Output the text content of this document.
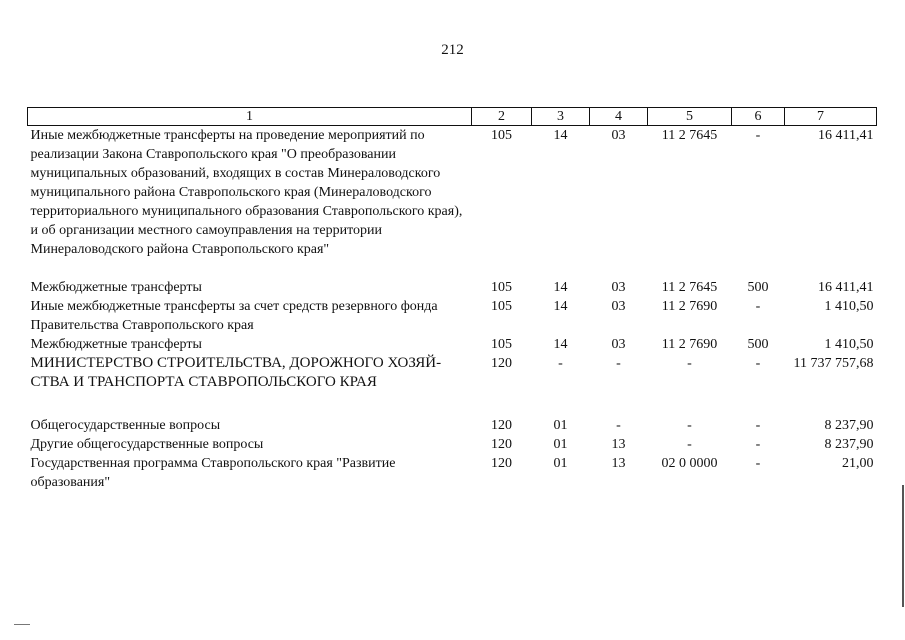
212
1	2	3	4	5	6	7
Иные межбюджетные трансферты на проведение мероприятий по реализации Закона Ставропольского края "О преобразовании муниципальных образований, входящих в состав Минераловодского муниципального района Ставропольского края (Минераловодского территориального муниципального образования Ставропольского края), и об организации местного самоуправления на территории Минераловодского района Ставропольского края"	105	14	03	11 2 7645	-	16 411,41

Межбюджетные трансферты	105	14	03	11 2 7645	500	16 411,41
Иные межбюджетные трансферты за счет средств резервного фонда Правительства Ставропольского края	105	14	03	11 2 7690	-	1 410,50
Межбюджетные трансферты	105	14	03	11 2 7690	500	1 410,50
МИНИСТЕРСТВО СТРОИТЕЛЬСТВА, ДОРОЖНОГО ХОЗЯЙ-СТВА И ТРАНСПОРТА СТАВРОПОЛЬСКОГО КРАЯ	120	-	-	-	-	11 737 757,68

Общегосударственные вопросы	120	01	-	-	-	8 237,90
Другие общегосударственные вопросы	120	01	13	-	-	8 237,90
Государственная программа Ставропольского края "Развитие образования"	120	01	13	02 0 0000	-	21,00
